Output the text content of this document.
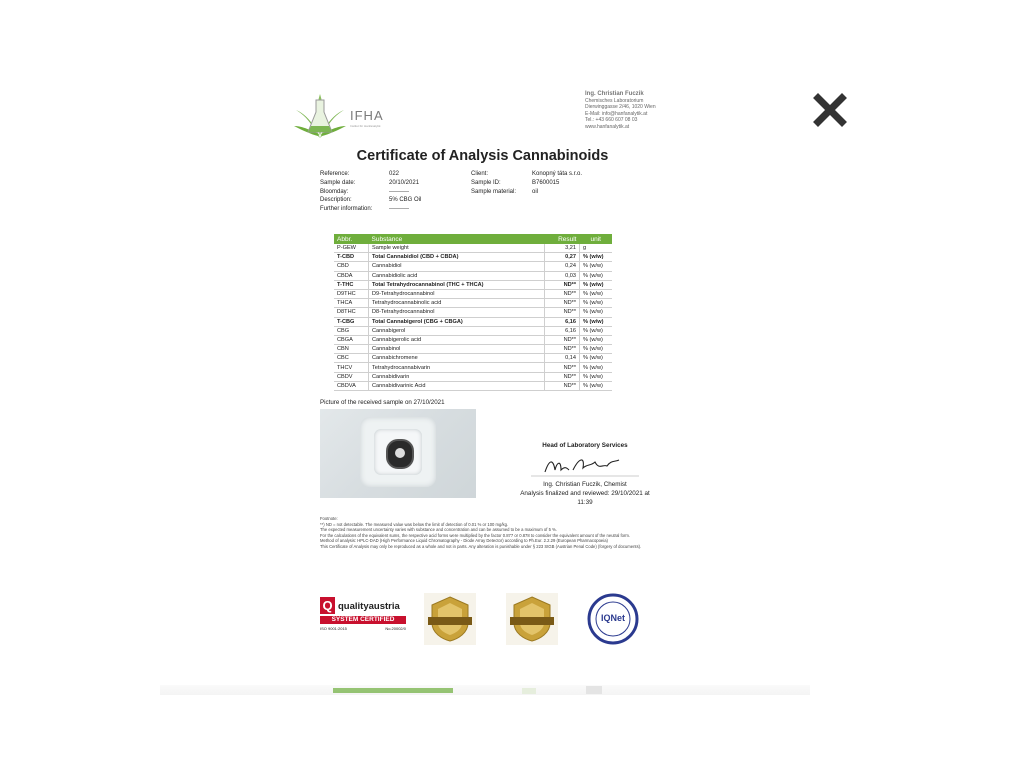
IFHA
Institut für Hanfanalytik
Ing. Christian Fuczik
Chemisches Laboratorium
Dierwinggasse 2/46, 1020 Wien
E-Mail: info@hanfanalytik.at
Tel.: +43 660 607 08 03
www.hanfanalytik.at
Certificate of Analysis Cannabinoids
Reference:	022
Sample date:	20/10/2021
Bloomday:	----------
Description:	5% CBG Oil
Further information:	----------
Client:	Konopný táta s.r.o.
Sample ID:	B7600015
Sample material:	oil
Abbr.	Substance	Result	unit
P-GEW	Sample weight	3,21	g
T-CBD	Total Cannabidiol (CBD + CBDA)	0,27	% (w/w)
CBD	Cannabidiol	0,24	% (w/w)
CBDA	Cannabidiolic acid	0,03	% (w/w)
T-THC	Total Tetrahydrocannabinol (THC + THCA)	ND**	% (w/w)
D9THC	D9-Tetrahydrocannabinol	ND**	% (w/w)
THCA	Tetrahydrocannabinolic acid	ND**	% (w/w)
D8THC	D8-Tetrahydrocannabinol	ND**	% (w/w)
T-CBG	Total Cannabigerol (CBG + CBGA)	6,16	% (w/w)
CBG	Cannabigerol	6,16	% (w/w)
CBGA	Cannabigerolic acid	ND**	% (w/w)
CBN	Cannabinol	ND**	% (w/w)
CBC	Cannabichromene	0,14	% (w/w)
THCV	Tetrahydrocannabivarin	ND**	% (w/w)
CBDV	Cannabidivarin	ND**	% (w/w)
CBDVA	Cannabidivarinic Acid	ND**	% (w/w)
Picture of the received sample on 27/10/2021
Head of Laboratory Services
Ing. Christian Fuczik, Chemist
Analysis finalized and reviewed: 29/10/2021 at
11:39
Footnote:
**) ND = not detectable. The measured value was below the limit of detection of 0.01 % or 100 mg/kg.
The expected measurement uncertainty varies with substance and concentration and can be assumed to be a maximum of 5 %.
For the calculations of the equivalent sums, the respective acid forms were multiplied by the factor 0.877 or 0.878 to consider the equivalent amount of the neutral form.
Method of analysis: HPLC-DAD (High Performance Liquid Chromatography - Diode Array Detector) according to Ph.Eur. 2.2.29 (European Pharmacopoeia)
This Certificate of Analysis may only be reproduced as a whole and not in parts. Any alteration is punishable under § 223 StGB (Austrian Penal Code) (forgery of documents).
Q qualityaustria
SYSTEM CERTIFIED
ISO 9001:2015	No.20002/0
IQNet
